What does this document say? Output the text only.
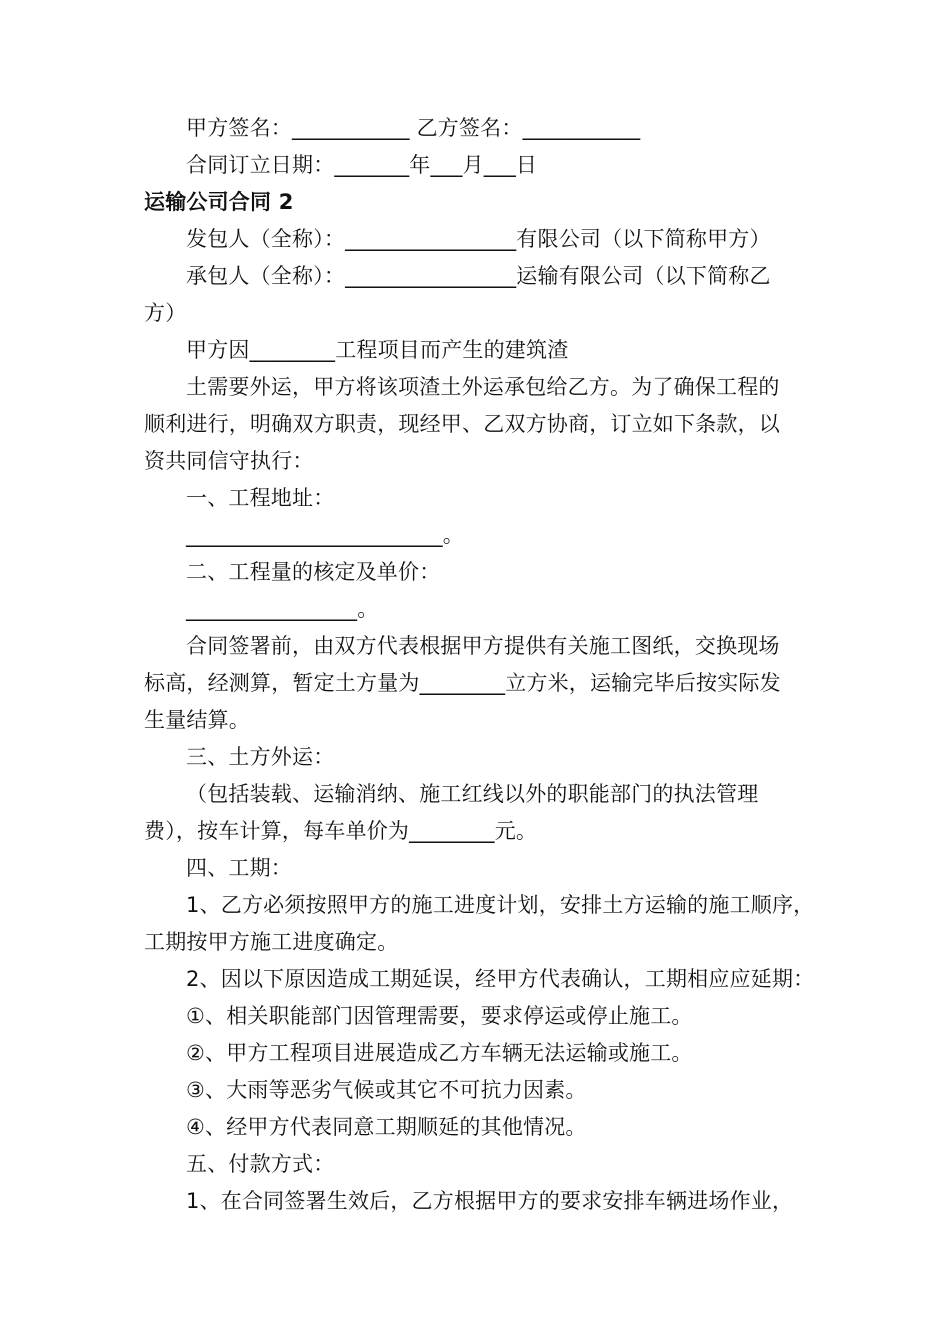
甲方签名：___________ 乙方签名：___________
合同订立日期：_______年___月___日
运输公司合同 2
发包人（全称）：________________有限公司（以下简称甲方）
承包人（全称）：________________运输有限公司（以下简称乙
方）
甲方因________工程项目而产生的建筑渣
土需要外运，甲方将该项渣土外运承包给乙方。为了确保工程的
顺利进行，明确双方职责，现经甲、乙双方协商，订立如下条款，以
资共同信守执行：
一、工程地址：
________________________。
二、工程量的核定及单价：
________________。
合同签署前，由双方代表根据甲方提供有关施工图纸，交换现场
标高，经测算，暂定土方量为________立方米，运输完毕后按实际发
生量结算。
三、土方外运：
（包括装载、运输消纳、施工红线以外的职能部门的执法管理
费），按车计算，每车单价为________元。
四、工期：
1、乙方必须按照甲方的施工进度计划，安排土方运输的施工顺序，
工期按甲方施工进度确定。
2、因以下原因造成工期延误，经甲方代表确认，工期相应应延期：
①、相关职能部门因管理需要，要求停运或停止施工。
②、甲方工程项目进展造成乙方车辆无法运输或施工。
③、大雨等恶劣气候或其它不可抗力因素。
④、经甲方代表同意工期顺延的其他情况。
五、付款方式：
1、在合同签署生效后，乙方根据甲方的要求安排车辆进场作业，
